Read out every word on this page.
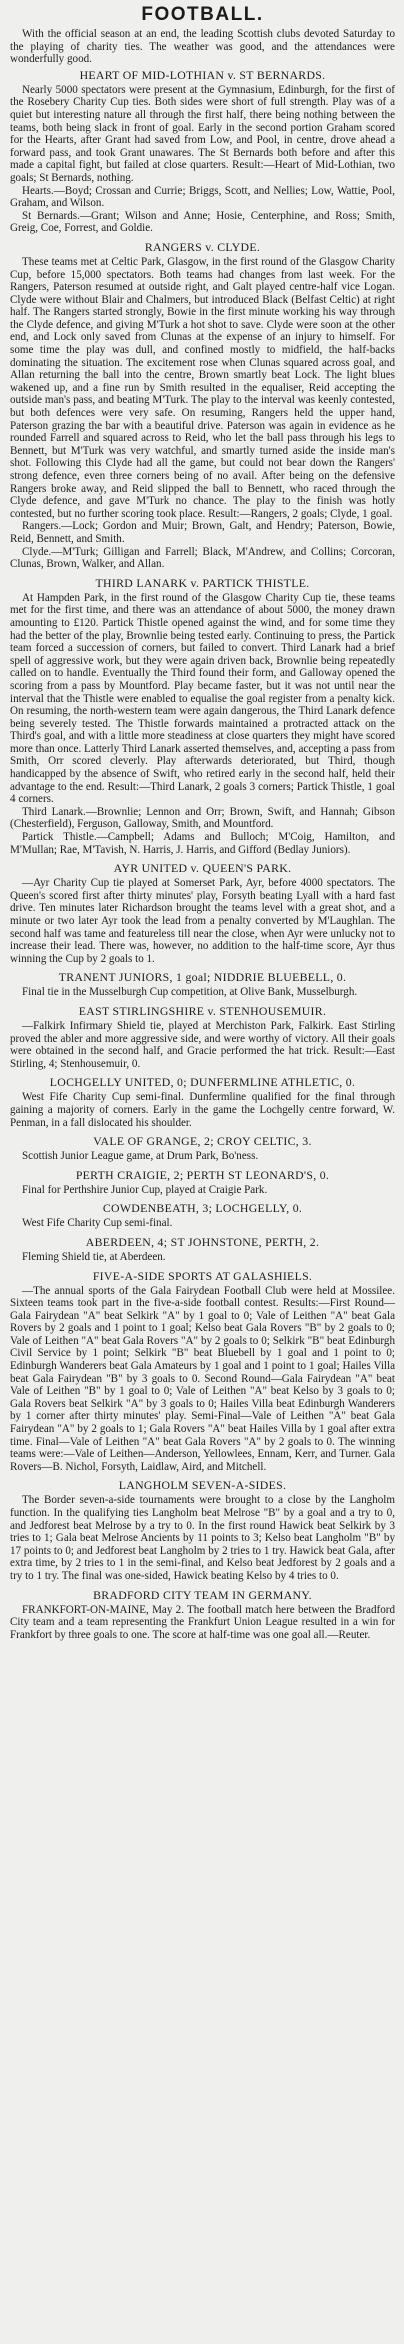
FOOTBALL.

With the official season at an end, the leading Scottish clubs devoted Saturday to the playing of charity ties. The weather was good, and the attendances were wonderfully good.

HEART OF MID-LOTHIAN v. ST BERNARDS.

Nearly 5000 spectators were present at the Gymnasium, Edinburgh, for the first of the Rosebery Charity Cup ties. Both sides were short of full strength. Play was of a quiet but interesting nature all through the first half, there being nothing between the teams, both being slack in front of goal. Early in the second portion Graham scored for the Hearts, after Grant had saved from Low, and Pool, in centre, drove ahead a forward pass, and took Grant unawares. The St Bernards both before and after this made a capital fight, but failed at close quarters. Result:—Heart of Mid-Lothian, two goals; St Bernards, nothing.

Hearts.—Boyd; Crossan and Currie; Briggs, Scott, and Nellies; Low, Wattie, Pool, Graham, and Wilson.

St Bernards.—Grant; Wilson and Anne; Hosie, Centerphine, and Ross; Smith, Greig, Coe, Forrest, and Goldie.

RANGERS v. CLYDE.

These teams met at Celtic Park, Glasgow, in the first round of the Glasgow Charity Cup, before 15,000 spectators. Both teams had changes from last week. For the Rangers, Paterson resumed at outside right, and Galt played centre-half vice Logan. Clyde were without Blair and Chalmers, but introduced Black (Belfast Celtic) at right half. The Rangers started strongly, Bowie in the first minute working his way through the Clyde defence, and giving M'Turk a hot shot to save. Clyde were soon at the other end, and Lock only saved from Clunas at the expense of an injury to himself. For some time the play was dull, and confined mostly to midfield, the half-backs dominating the situation. The excitement rose when Clunas squared across goal, and Allan returning the ball into the centre, Brown smartly beat Lock. The light blues wakened up, and a fine run by Smith resulted in the equaliser, Reid accepting the outside man's pass, and beating M'Turk. The play to the interval was keenly contested, but both defences were very safe. On resuming, Rangers held the upper hand, Paterson grazing the bar with a beautiful drive. Paterson was again in evidence as he rounded Farrell and squared across to Reid, who let the ball pass through his legs to Bennett, but M'Turk was very watchful, and smartly turned aside the inside man's shot. Following this Clyde had all the game, but could not bear down the Rangers' strong defence, even three corners being of no avail. After being on the defensive Rangers broke away, and Reid slipped the ball to Bennett, who raced through the Clyde defence, and gave M'Turk no chance. The play to the finish was hotly contested, but no further scoring took place. Result:—Rangers, 2 goals; Clyde, 1 goal.

Rangers.—Lock; Gordon and Muir; Brown, Galt, and Hendry; Paterson, Bowie, Reid, Bennett, and Smith.

Clyde.—M'Turk; Gilligan and Farrell; Black, M'Andrew, and Collins; Corcoran, Clunas, Brown, Walker, and Allan.

THIRD LANARK v. PARTICK THISTLE.

At Hampden Park, in the first round of the Glasgow Charity Cup tie, these teams met for the first time, and there was an attendance of about 5000, the money drawn amounting to £120. Partick Thistle opened against the wind, and for some time they had the better of the play, Brownlie being tested early. Continuing to press, the Partick team forced a succession of corners, but failed to convert. Third Lanark had a brief spell of aggressive work, but they were again driven back, Brownlie being repeatedly called on to handle. Eventually the Third found their form, and Galloway opened the scoring from a pass by Mountford. Play became faster, but it was not until near the interval that the Thistle were enabled to equalise the goal register from a penalty kick. On resuming, the north-western team were again dangerous, the Third Lanark defence being severely tested. The Thistle forwards maintained a protracted attack on the Third's goal, and with a little more steadiness at close quarters they might have scored more than once. Latterly Third Lanark asserted themselves, and, accepting a pass from Smith, Orr scored cleverly. Play afterwards deteriorated, but Third, though handicapped by the absence of Swift, who retired early in the second half, held their advantage to the end. Result:—Third Lanark, 2 goals 3 corners; Partick Thistle, 1 goal 4 corners.

Third Lanark.—Brownlie; Lennon and Orr; Brown, Swift, and Hannah; Gibson (Chesterfield), Ferguson, Galloway, Smith, and Mountford.

Partick Thistle.—Campbell; Adams and Bulloch; M'Coig, Hamilton, and M'Mullan; Rae, M'Tavish, N. Harris, J. Harris, and Gifford (Bedlay Juniors).

AYR UNITED v. QUEEN'S PARK.

—Ayr Charity Cup tie played at Somerset Park, Ayr, before 4000 spectators. The Queen's scored first after thirty minutes' play, Forsyth beating Lyall with a hard fast drive. Ten minutes later Richardson brought the teams level with a great shot, and a minute or two later Ayr took the lead from a penalty converted by M'Laughlan. The second half was tame and featureless till near the close, when Ayr were unlucky not to increase their lead. There was, however, no addition to the half-time score, Ayr thus winning the Cup by 2 goals to 1.

TRANENT JUNIORS, 1 goal; NIDDRIE BLUEBELL, 0.

Final tie in the Musselburgh Cup competition, at Olive Bank, Musselburgh.

EAST STIRLINGSHIRE v. STENHOUSEMUIR.

—Falkirk Infirmary Shield tie, played at Merchiston Park, Falkirk. East Stirling proved the abler and more aggressive side, and were worthy of victory. All their goals were obtained in the second half, and Gracie performed the hat trick. Result:—East Stirling, 4; Stenhousemuir, 0.

LOCHGELLY UNITED, 0; DUNFERMLINE ATHLETIC, 0.

West Fife Charity Cup semi-final. Dunfermline qualified for the final through gaining a majority of corners. Early in the game the Lochgelly centre forward, W. Penman, in a fall dislocated his shoulder.

VALE OF GRANGE, 2; CROY CELTIC, 3.

Scottish Junior League game, at Drum Park, Bo'ness.

PERTH CRAIGIE, 2; PERTH ST LEONARD'S, 0.

Final for Perthshire Junior Cup, played at Craigie Park.

COWDENBEATH, 3; LOCHGELLY, 0.

West Fife Charity Cup semi-final.

ABERDEEN, 4; ST JOHNSTONE, PERTH, 2.

Fleming Shield tie, at Aberdeen.

FIVE-A-SIDE SPORTS AT GALASHIELS.

—The annual sports of the Gala Fairydean Football Club were held at Mossilee. Sixteen teams took part in the five-a-side football contest. Results:—First Round—Gala Fairydean "A" beat Selkirk "A" by 1 goal to 0; Vale of Leithen "A" beat Gala Rovers by 2 goals and 1 point to 1 goal; Kelso beat Gala Rovers "B" by 2 goals to 0; Vale of Leithen "A" beat Gala Rovers "A" by 2 goals to 0; Selkirk "B" beat Edinburgh Civil Service by 1 point; Selkirk "B" beat Bluebell by 1 goal and 1 point to 0; Edinburgh Wanderers beat Gala Amateurs by 1 goal and 1 point to 1 goal; Hailes Villa beat Gala Fairydean "B" by 3 goals to 0. Second Round—Gala Fairydean "A" beat Vale of Leithen "B" by 1 goal to 0; Vale of Leithen "A" beat Kelso by 3 goals to 0; Gala Rovers beat Selkirk "A" by 3 goals to 0; Hailes Villa beat Edinburgh Wanderers by 1 corner after thirty minutes' play. Semi-Final—Vale of Leithen "A" beat Gala Fairydean "A" by 2 goals to 1; Gala Rovers "A" beat Hailes Villa by 1 goal after extra time. Final—Vale of Leithen "A" beat Gala Rovers "A" by 2 goals to 0. The winning teams were:—Vale of Leithen—Anderson, Yellowlees, Ennam, Kerr, and Turner. Gala Rovers—B. Nichol, Forsyth, Laidlaw, Aird, and Mitchell.

LANGHOLM SEVEN-A-SIDES.

The Border seven-a-side tournaments were brought to a close by the Langholm function. In the qualifying ties Langholm beat Melrose "B" by a goal and a try to 0, and Jedforest beat Melrose by a try to 0. In the first round Hawick beat Selkirk by 3 tries to 1; Gala beat Melrose Ancients by 11 points to 3; Kelso beat Langholm "B" by 17 points to 0; and Jedforest beat Langholm by 2 tries to 1 try. Hawick beat Gala, after extra time, by 2 tries to 1 in the semi-final, and Kelso beat Jedforest by 2 goals and a try to 1 try. The final was one-sided, Hawick beating Kelso by 4 tries to 0.

BRADFORD CITY TEAM IN GERMANY.

FRANKFORT-ON-MAINE, May 2. The football match here between the Bradford City team and a team representing the Frankfurt Union League resulted in a win for Frankfort by three goals to one. The score at half-time was one goal all.—Reuter.
